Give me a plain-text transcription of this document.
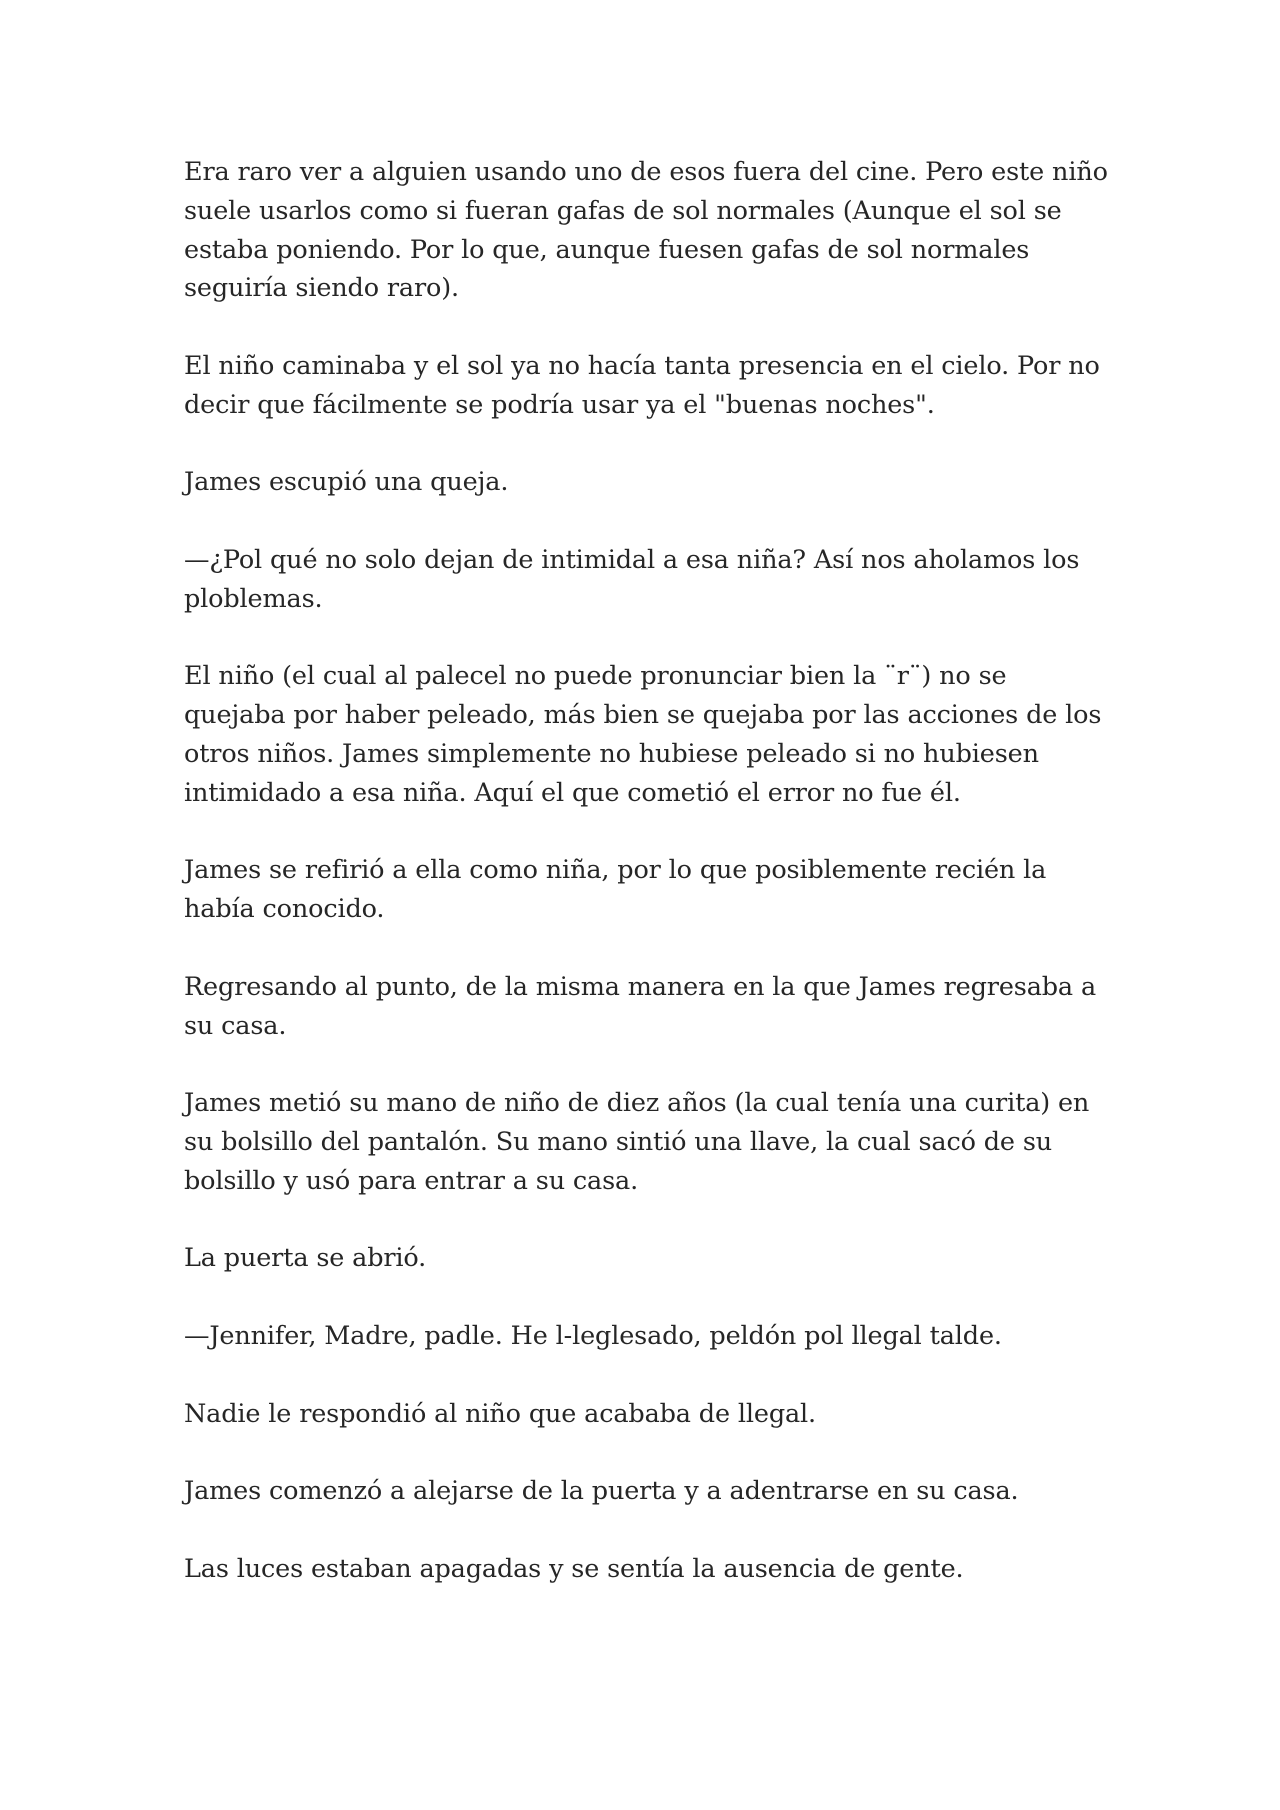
Era raro ver a alguien usando uno de esos fuera del cine. Pero este niño suele usarlos como si fueran gafas de sol normales (Aunque el sol se estaba poniendo. Por lo que, aunque fuesen gafas de sol normales seguiría siendo raro).

El niño caminaba y el sol ya no hacía tanta presencia en el cielo. Por no decir que fácilmente se podría usar ya el "buenas noches".

James escupió una queja.

—¿Pol qué no solo dejan de intimidal a esa niña? Así nos aholamos los ploblemas.

El niño (el cual al palecel no puede pronunciar bien la ¨r¨) no se quejaba por haber peleado, más bien se quejaba por las acciones de los otros niños. James simplemente no hubiese peleado si no hubiesen intimidado a esa niña. Aquí el que cometió el error no fue él.

James se refirió a ella como niña, por lo que posiblemente recién la había conocido.

Regresando al punto, de la misma manera en la que James regresaba a su casa.

James metió su mano de niño de diez años (la cual tenía una curita) en su bolsillo del pantalón. Su mano sintió una llave, la cual sacó de su bolsillo y usó para entrar a su casa.

La puerta se abrió.

—Jennifer, Madre, padle. He l-leglesado, peldón pol llegal talde.

Nadie le respondió al niño que acababa de llegal.

James comenzó a alejarse de la puerta y a adentrarse en su casa.

Las luces estaban apagadas y se sentía la ausencia de gente.
